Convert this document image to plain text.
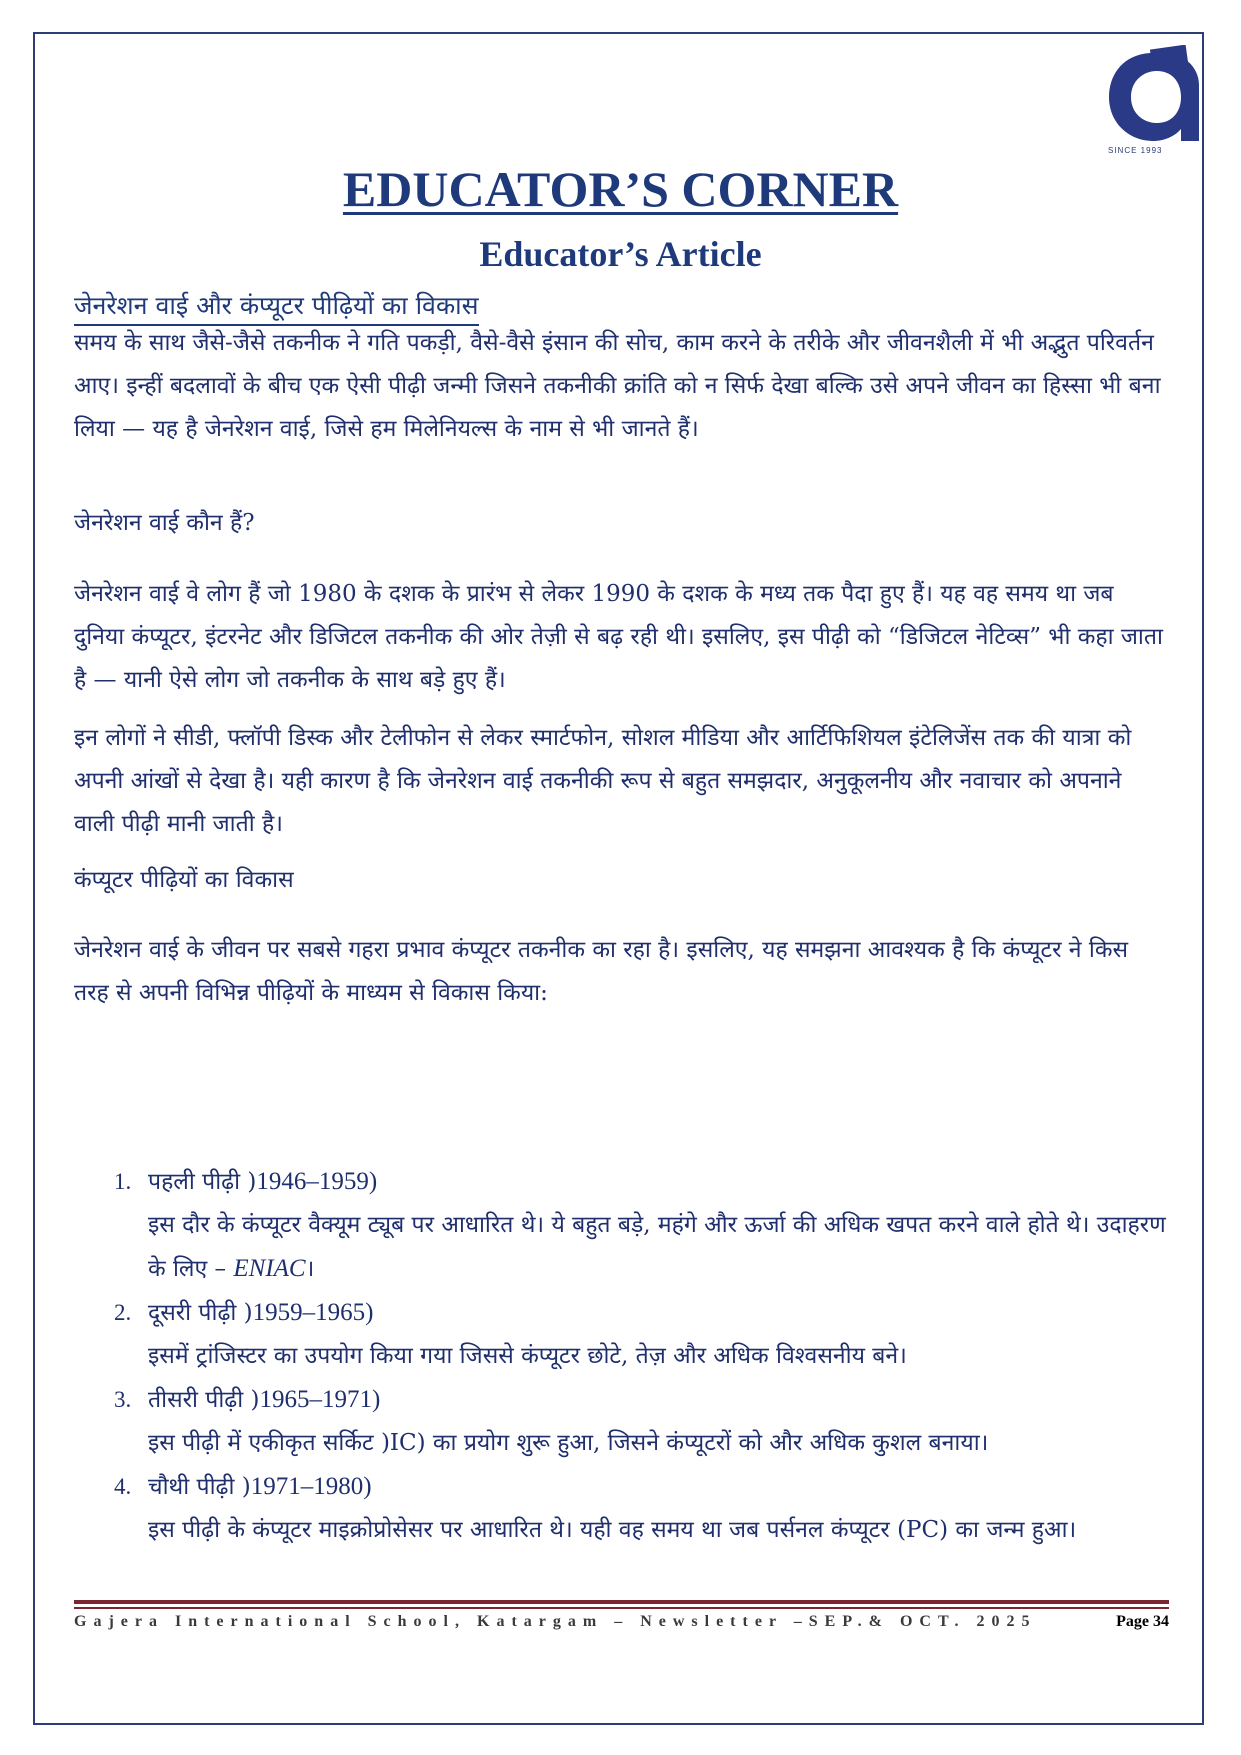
SINCE 1993
EDUCATOR’S CORNER
Educator’s Article
जेनरेशन वाई और कंप्यूटर पीढ़ियों का विकास
समय के साथ जैसे-जैसे तकनीक ने गति पकड़ी, वैसे-वैसे इंसान की सोच, काम करने के तरीके और जीवनशैली में भी अद्भुत परिवर्तन आए। इन्हीं बदलावों के बीच एक ऐसी पीढ़ी जन्मी जिसने तकनीकी क्रांति को न सिर्फ देखा बल्कि उसे अपने जीवन का हिस्सा भी बना लिया — यह है जेनरेशन वाई, जिसे हम मिलेनियल्स के नाम से भी जानते हैं।
जेनरेशन वाई कौन हैं?
जेनरेशन वाई वे लोग हैं जो 1980 के दशक के प्रारंभ से लेकर 1990 के दशक के मध्य तक पैदा हुए हैं। यह वह समय था जब दुनिया कंप्यूटर, इंटरनेट और डिजिटल तकनीक की ओर तेज़ी से बढ़ रही थी। इसलिए, इस पीढ़ी को “डिजिटल नेटिव्स” भी कहा जाता है — यानी ऐसे लोग जो तकनीक के साथ बड़े हुए हैं।
इन लोगों ने सीडी, फ्लॉपी डिस्क और टेलीफोन से लेकर स्मार्टफोन, सोशल मीडिया और आर्टिफिशियल इंटेलिजेंस तक की यात्रा को अपनी आंखों से देखा है। यही कारण है कि जेनरेशन वाई तकनीकी रूप से बहुत समझदार, अनुकूलनीय और नवाचार को अपनाने वाली पीढ़ी मानी जाती है।
कंप्यूटर पीढ़ियों का विकास
जेनरेशन वाई के जीवन पर सबसे गहरा प्रभाव कंप्यूटर तकनीक का रहा है। इसलिए, यह समझना आवश्यक है कि कंप्यूटर ने किस तरह से अपनी विभिन्न पीढ़ियों के माध्यम से विकास किया:
1. पहली पीढ़ी )1946–1959)
इस दौर के कंप्यूटर वैक्यूम ट्यूब पर आधारित थे। ये बहुत बड़े, महंगे और ऊर्जा की अधिक खपत करने वाले होते थे। उदाहरण के लिए – ENIAC।
2. दूसरी पीढ़ी )1959–1965)
इसमें ट्रांजिस्टर का उपयोग किया गया जिससे कंप्यूटर छोटे, तेज़ और अधिक विश्वसनीय बने।
3. तीसरी पीढ़ी )1965–1971)
इस पीढ़ी में एकीकृत सर्किट )IC) का प्रयोग शुरू हुआ, जिसने कंप्यूटरों को और अधिक कुशल बनाया।
4. चौथी पीढ़ी )1971–1980)
इस पीढ़ी के कंप्यूटर माइक्रोप्रोसेसर पर आधारित थे। यही वह समय था जब पर्सनल कंप्यूटर (PC) का जन्म हुआ।
Gajera International School, Katargam – Newsletter –SEP.& OCT. 2025	Page 34
